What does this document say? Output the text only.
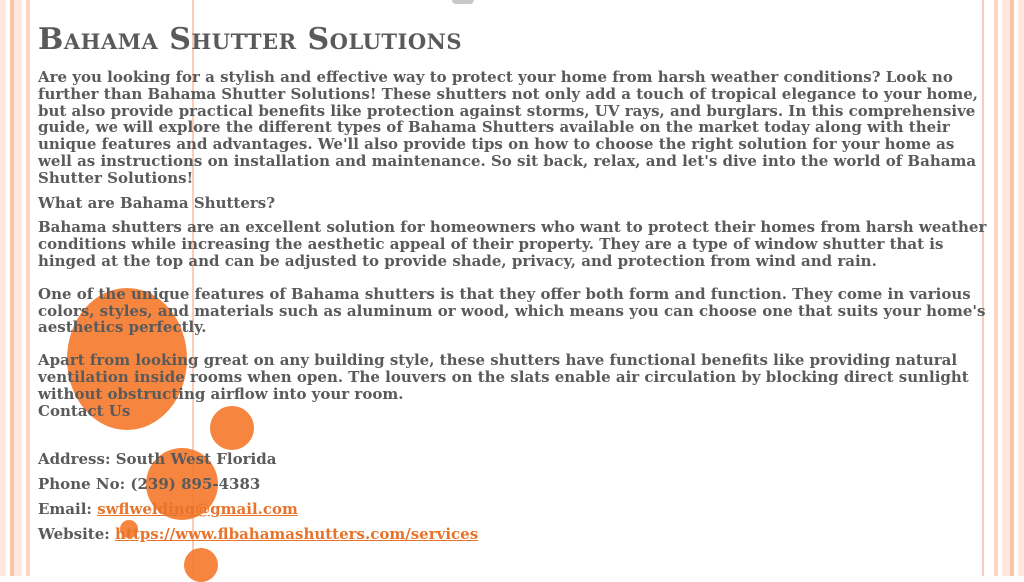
Bahama Shutter Solutions

Are you looking for a stylish and effective way to protect your home from harsh weather conditions? Look no further than Bahama Shutter Solutions! These shutters not only add a touch of tropical elegance to your home, but also provide practical benefits like protection against storms, UV rays, and burglars. In this comprehensive guide, we will explore the different types of Bahama Shutters available on the market today along with their unique features and advantages. We'll also provide tips on how to choose the right solution for your home as well as instructions on installation and maintenance. So sit back, relax, and let's dive into the world of Bahama Shutter Solutions!

What are Bahama Shutters?

Bahama shutters are an excellent solution for homeowners who want to protect their homes from harsh weather conditions while increasing the aesthetic appeal of their property. They are a type of window shutter that is hinged at the top and can be adjusted to provide shade, privacy, and protection from wind and rain.

One of the unique features of Bahama shutters is that they offer both form and function. They come in various colors, styles, and materials such as aluminum or wood, which means you can choose one that suits your home's aesthetics perfectly.

Apart from looking great on any building style, these shutters have functional benefits like providing natural ventilation inside rooms when open. The louvers on the slats enable air circulation by blocking direct sunlight without obstructing airflow into your room.

Contact Us

Address: South West Florida
Phone No: (239) 895-4383
Email: swflwelding@gmail.com
Website: https://www.flbahamashutters.com/services
